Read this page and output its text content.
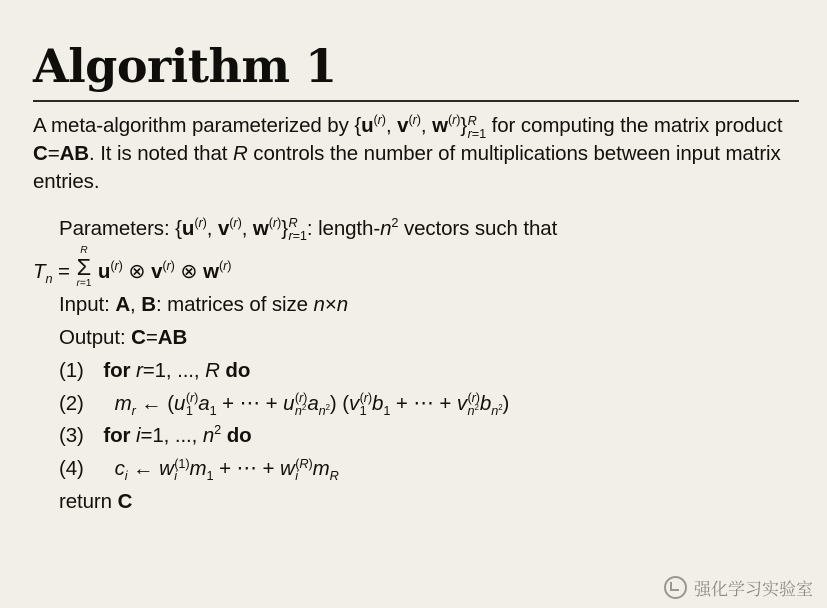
Algorithm 1
A meta-algorithm parameterized by {$u^{(r)}$, $v^{(r)}$, $w^{(r)}$} R
r=1 for computing the matrix product C=AB. It is noted that R controls the number of multiplications between input matrix entries.
Parameters: {$u^{(r)}$, $v^{(r)}$, $w^{(r)}$} R
r=1 : length-$n^2$ vectors such that
$T_n$ =
R
Σ
r=1 $u^{(r)}$ ⊗ $v^{(r)}$ ⊗ $w^{(r)}$
Input: A, B: matrices of size n×n
Output: C=AB
(1) for r=1, ..., R do
(2) $m_r$ ← (u (r)
1 $a_1$ + ⋯ + u (r)
$n^2$ $a_{n^2}$) (v (r)
1 $b_1$ + ⋯ + v (r)
$n^2$ $b_{n^2}$)
(3) for i=1, ..., $n^2$ do
(4) $c_i$ ← w (1)
i $m_1$ + ⋯ + w (R)
i $m_R$
return C
强化学习实验室
